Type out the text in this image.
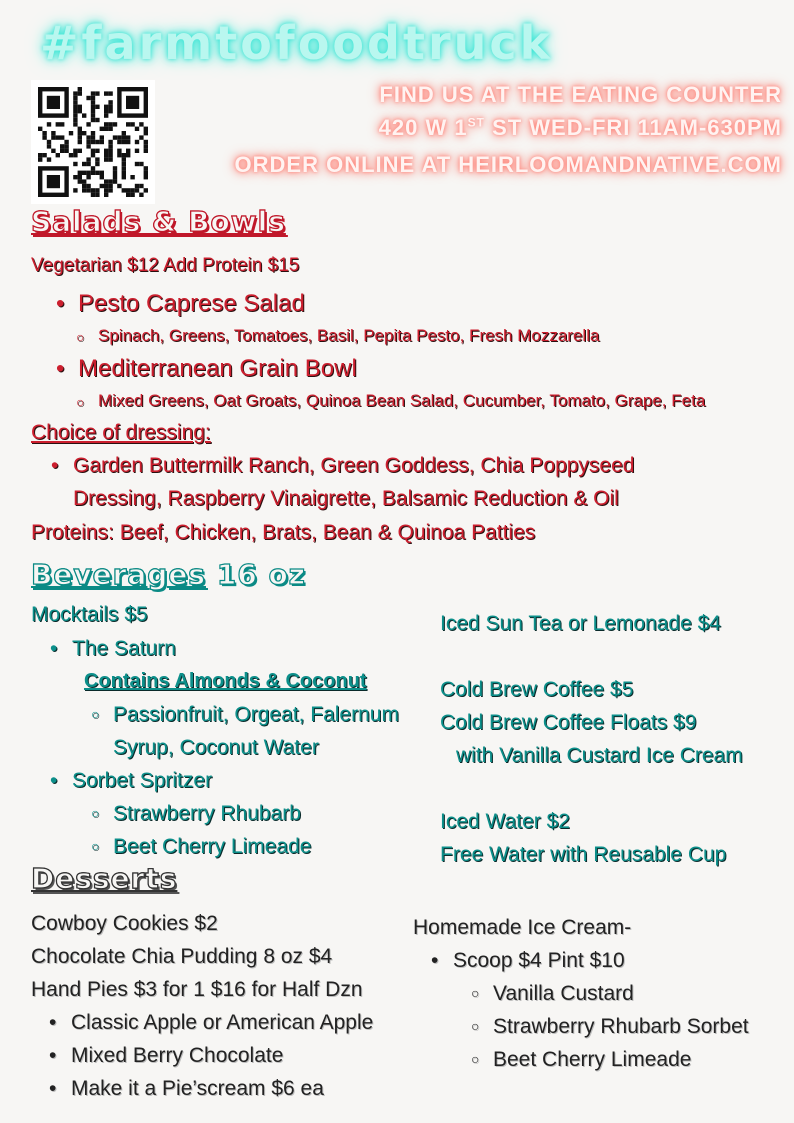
#farmtofoodtruck
FIND US AT THE EATING COUNTER
420 W 1ST ST WED-FRI 11AM-630PM
ORDER ONLINE AT HEIRLOOMANDNATIVE.COM
Salads & Bowls
Vegetarian $12 Add Protein $15
• Pesto Caprese Salad
○ Spinach, Greens, Tomatoes, Basil, Pepita Pesto, Fresh Mozzarella
• Mediterranean Grain Bowl
○ Mixed Greens, Oat Groats, Quinoa Bean Salad, Cucumber, Tomato, Grape, Feta
Choice of dressing:
• Garden Buttermilk Ranch, Green Goddess, Chia Poppyseed
Dressing, Raspberry Vinaigrette, Balsamic Reduction & Oil
Proteins: Beef, Chicken, Brats, Bean & Quinoa Patties
Beverages 16 oz
Mocktails $5
• The Saturn
Contains Almonds & Coconut
○ Passionfruit, Orgeat, Falernum
Syrup, Coconut Water
• Sorbet Spritzer
○ Strawberry Rhubarb
○ Beet Cherry Limeade
Iced Sun Tea or Lemonade $4
Cold Brew Coffee $5
Cold Brew Coffee Floats $9
with Vanilla Custard Ice Cream
Iced Water $2
Free Water with Reusable Cup
Desserts
Cowboy Cookies $2
Chocolate Chia Pudding 8 oz $4
Hand Pies $3 for 1 $16 for Half Dzn
• Classic Apple or American Apple
• Mixed Berry Chocolate
• Make it a Pie’scream $6 ea
Homemade Ice Cream-
• Scoop $4 Pint $10
○ Vanilla Custard
○ Strawberry Rhubarb Sorbet
○ Beet Cherry Limeade
